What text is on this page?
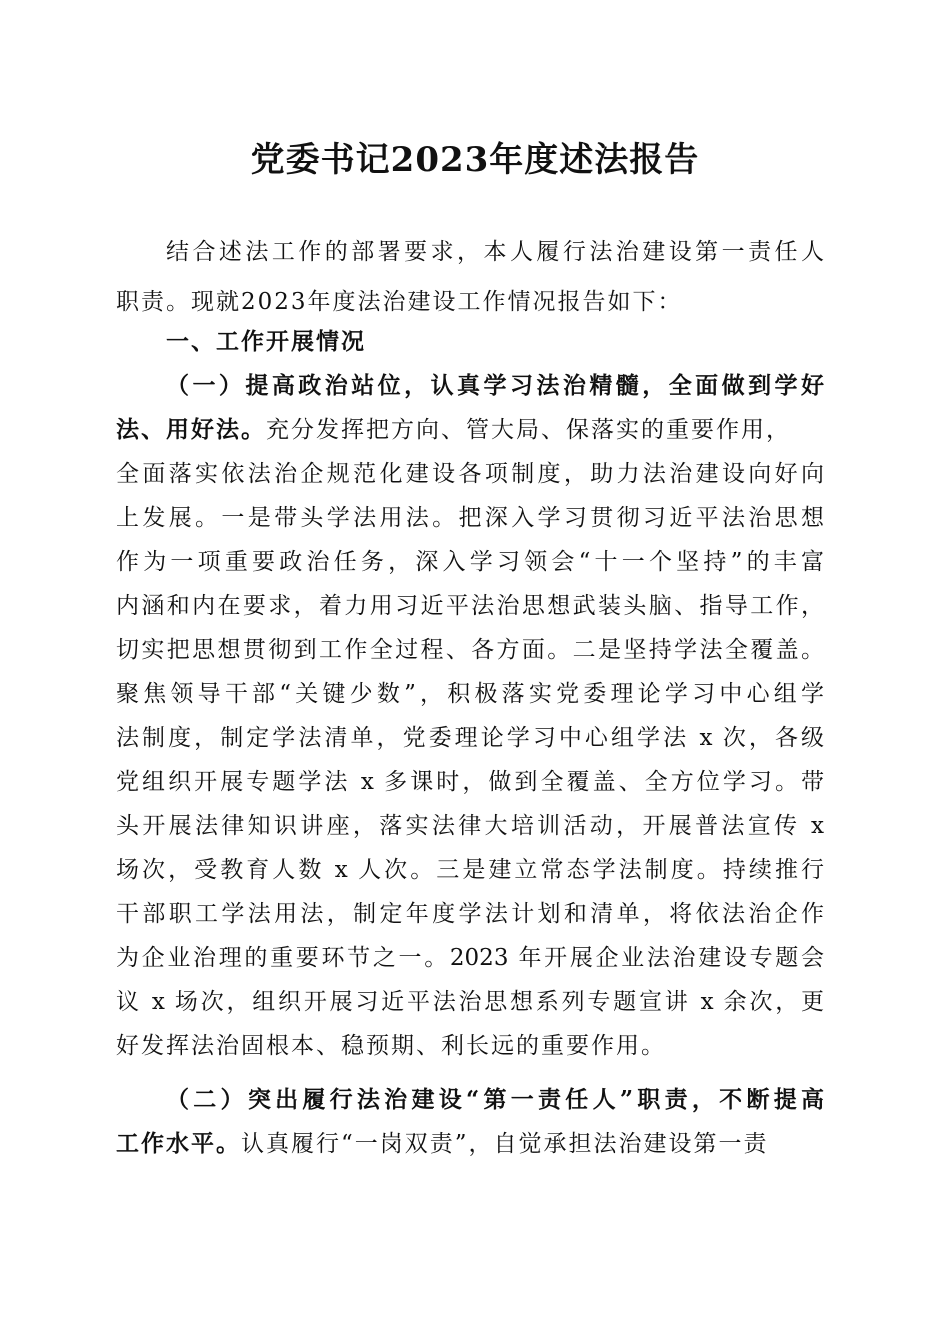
党委书记2023年度述法报告
结合述法工作的部署要求，本人履行法治建设第一责任人
职责。现就2023年度法治建设工作情况报告如下：
一、工作开展情况
（一）提高政治站位，认真学习法治精髓，全面做到学好
法、用好法。充分发挥把方向、管大局、保落实的重要作用，
全面落实依法治企规范化建设各项制度，助力法治建设向好向
上发展。一是带头学法用法。把深入学习贯彻习近平法治思想
作为一项重要政治任务，深入学习领会“十一个坚持”的丰富
内涵和内在要求，着力用习近平法治思想武装头脑、指导工作，
切实把思想贯彻到工作全过程、各方面。二是坚持学法全覆盖。
聚焦领导干部“关键少数”，积极落实党委理论学习中心组学
法制度，制定学法清单，党委理论学习中心组学法 x 次，各级
党组织开展专题学法 x 多课时，做到全覆盖、全方位学习。带
头开展法律知识讲座，落实法律大培训活动，开展普法宣传 x
场次，受教育人数 x 人次。三是建立常态学法制度。持续推行
干部职工学法用法，制定年度学法计划和清单，将依法治企作
为企业治理的重要环节之一。2023 年开展企业法治建设专题会
议 x 场次，组织开展习近平法治思想系列专题宣讲 x 余次，更
好发挥法治固根本、稳预期、利长远的重要作用。
（二）突出履行法治建设“第一责任人”职责，不断提高
工作水平。认真履行“一岗双责”，自觉承担法治建设第一责
